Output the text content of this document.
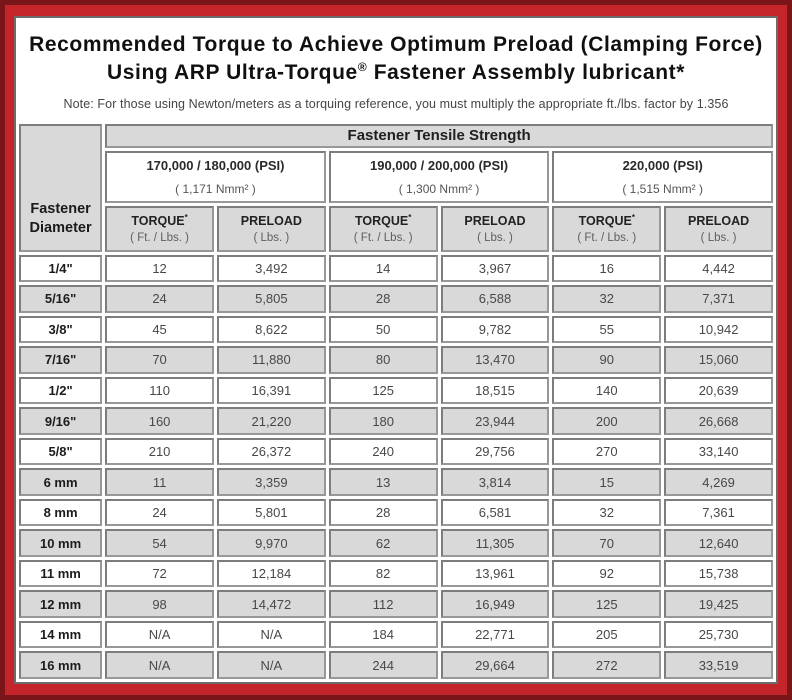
Recommended Torque to Achieve Optimum Preload (Clamping Force)
Using ARP Ultra-Torque® Fastener Assembly lubricant*
Note: For those using Newton/meters as a torquing reference, you must multiply the appropriate ft./lbs. factor by 1.356
Fastener
Diameter	Fastener Tensile Strength					

170,000 / 180,000 (PSI)
( 1,171 Nmm² )

190,000 / 200,000 (PSI)
( 1,300 Nmm² )

220,000 (PSI)
( 1,515 Nmm² )

TORQUE*
( Ft. / Lbs. )

PRELOAD
( Lbs. )

TORQUE*
( Ft. / Lbs. )

PRELOAD
( Lbs. )

TORQUE*
( Ft. / Lbs. )

PRELOAD
( Lbs. )

1/4"	12	3,492	14	3,967	16	4,442
5/16"	24	5,805	28	6,588	32	7,371
3/8"	45	8,622	50	9,782	55	10,942
7/16"	70	11,880	80	13,470	90	15,060
1/2"	110	16,391	125	18,515	140	20,639
9/16"	160	21,220	180	23,944	200	26,668
5/8"	210	26,372	240	29,756	270	33,140
6 mm	11	3,359	13	3,814	15	4,269
8 mm	24	5,801	28	6,581	32	7,361
10 mm	54	9,970	62	11,305	70	12,640
11 mm	72	12,184	82	13,961	92	15,738
12 mm	98	14,472	112	16,949	125	19,425
14 mm	N/A	N/A	184	22,771	205	25,730
16 mm	N/A	N/A	244	29,664	272	33,519
